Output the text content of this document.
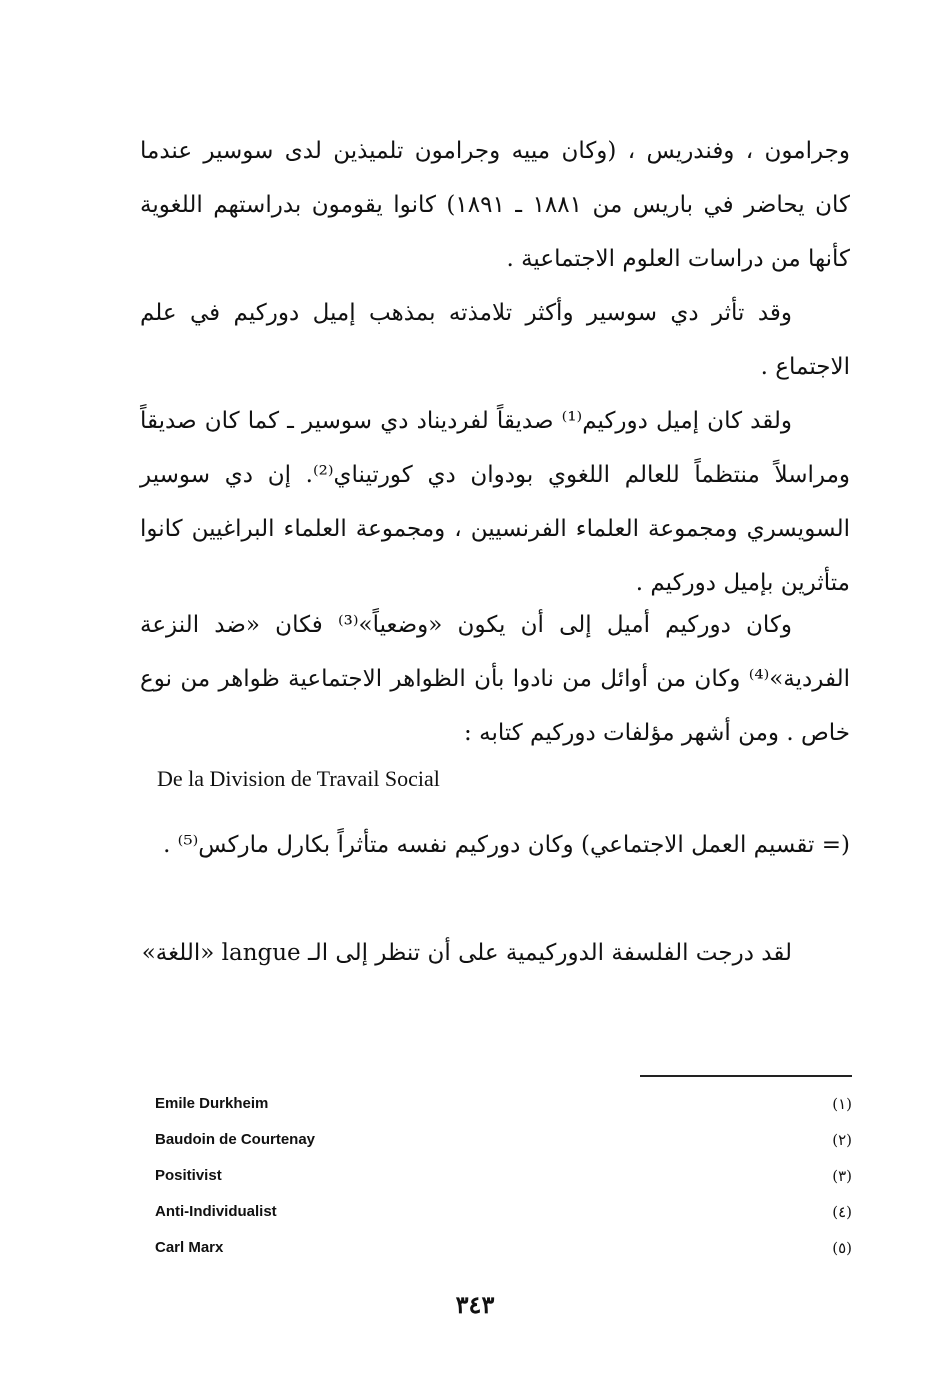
وجرامون ، وفندريس ، (وكان مييه وجرامون تلميذين لدى سوسير عندما كان يحاضر في باريس من ١٨٨١ ـ ١٨٩١) كانوا يقومون بدراستهم اللغوية كأنها من دراسات العلوم الاجتماعية .

وقد تأثر دي سوسير وأكثر تلامذته بمذهب إميل دوركيم في علم الاجتماع .

ولقد كان إميل دوركيم⁽¹⁾ صديقاً لفرديناد دي سوسير ـ كما كان صديقاً ومراسلاً منتظماً للعالم اللغوي بودوان دي كورتيناي⁽²⁾. إن دي سوسير السويسري ومجموعة العلماء الفرنسيين ، ومجموعة العلماء البراغيين كانوا متأثرين بإميل دوركيم .

وكان دوركيم أميل إلى أن يكون «وضعياً»⁽³⁾ فكان «ضد النزعة الفردية»⁽⁴⁾ وكان من أوائل من نادوا بأن الظواهر الاجتماعية ظواهر من نوع خاص . ومن أشهر مؤلفات دوركيم كتابه :

De la Division de Travail Social

(= تقسيم العمل الاجتماعي) وكان دوركيم نفسه متأثراً بكارل ماركس⁽⁵⁾ .

لقد درجت الفلسفة الدوركيمية على أن تنظر إلى الـ langue «اللغة»

Emile Durkheim	(١)
Baudoin de Courtenay	(٢)
Positivist	(٣)
Anti-Individualist	(٤)
Carl Marx	(٥)
٣٤٣
